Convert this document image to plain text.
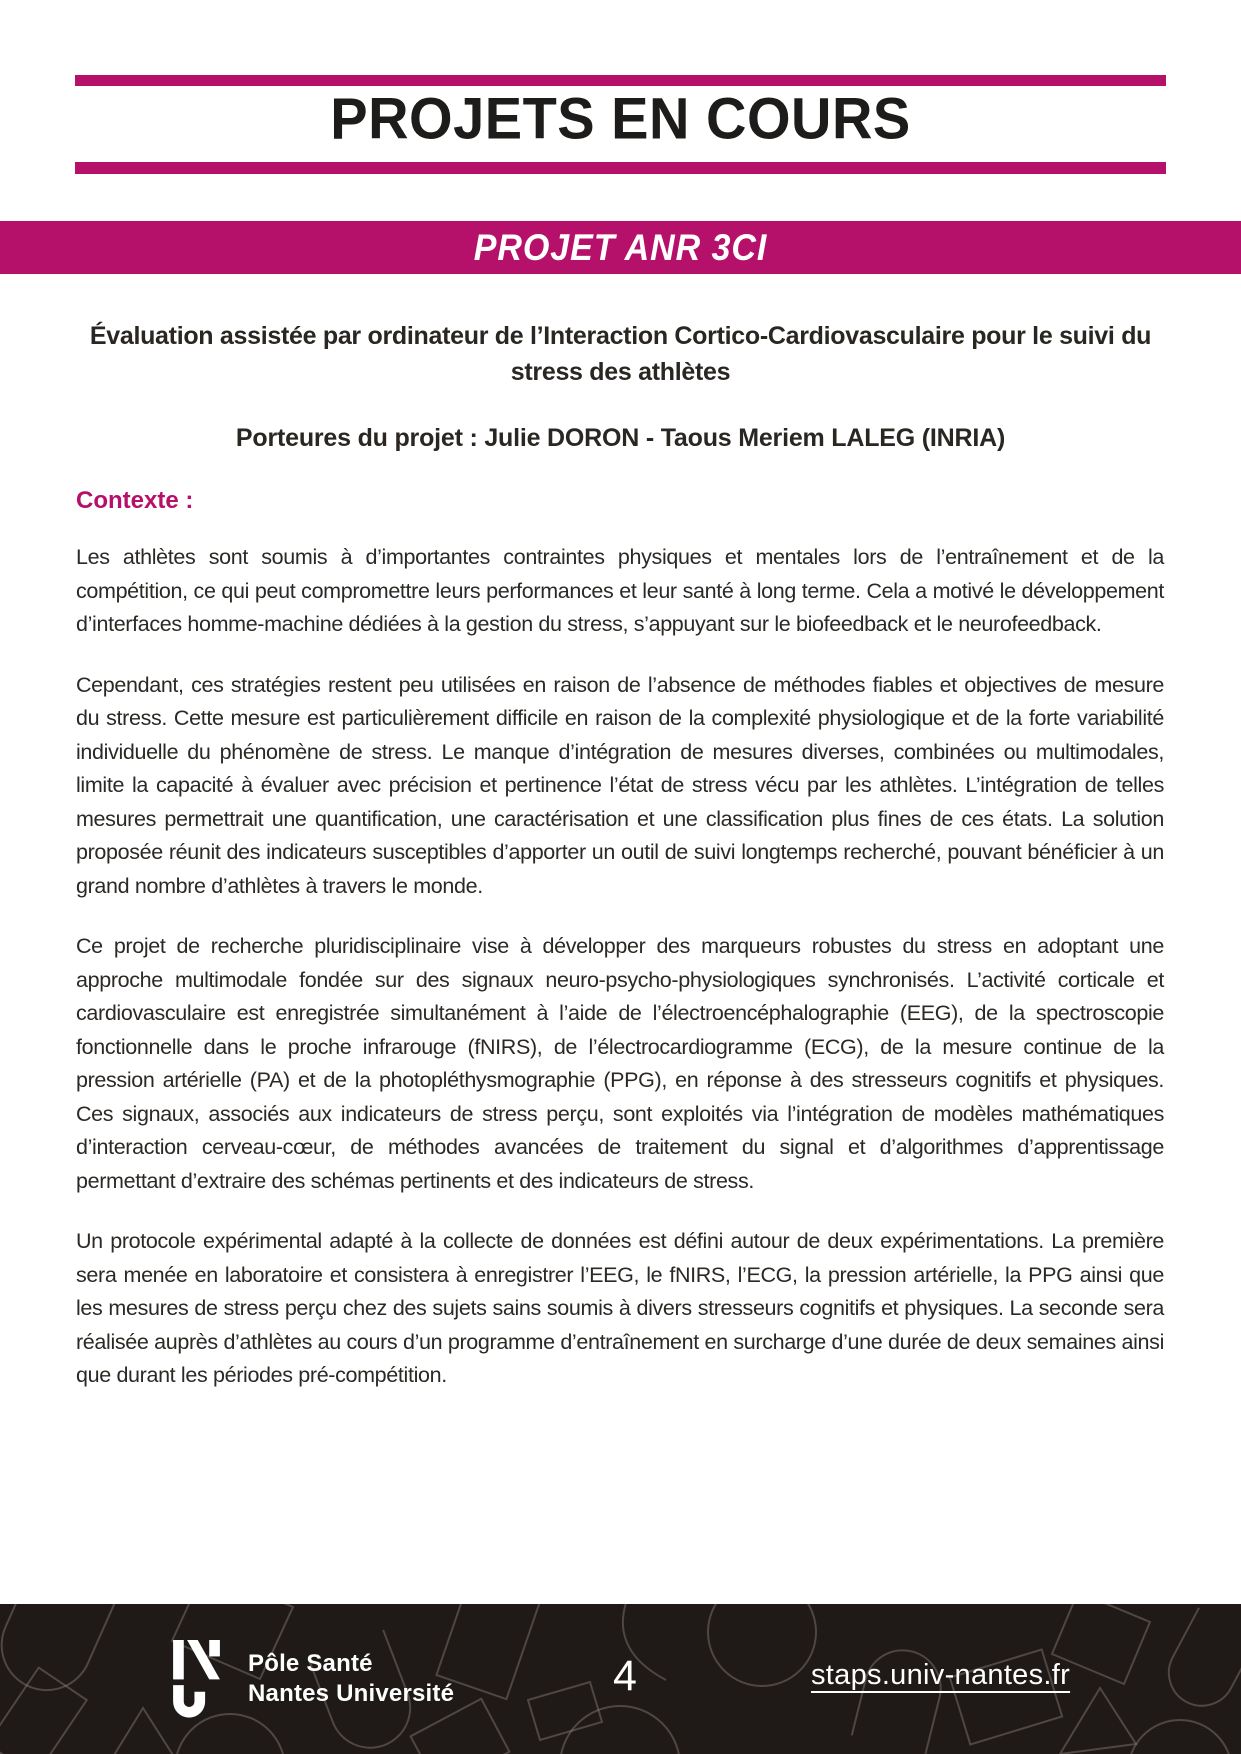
PROJETS EN COURS
PROJET ANR 3CI
Évaluation assistée par ordinateur de l’Interaction Cortico-Cardiovasculaire pour le suivi du stress des athlètes
Porteures du projet : Julie DORON - Taous Meriem LALEG (INRIA)
Contexte :

Les athlètes sont soumis à d’importantes contraintes physiques et mentales lors de l’entraînement et de la compétition, ce qui peut compromettre leurs performances et leur santé à long terme. Cela a motivé le développement d’interfaces homme-machine dédiées à la gestion du stress, s’appuyant sur le biofeedback et le neurofeedback.

Cependant, ces stratégies restent peu utilisées en raison de l’absence de méthodes fiables et objectives de mesure du stress. Cette mesure est particulièrement difficile en raison de la complexité physiologique et de la forte variabilité individuelle du phénomène de stress. Le manque d’intégration de mesures diverses, combinées ou multimodales, limite la capacité à évaluer avec précision et pertinence l’état de stress vécu par les athlètes. L’intégration de telles mesures permettrait une quantification, une caractérisation et une classification plus fines de ces états. La solution proposée réunit des indicateurs susceptibles d’apporter un outil de suivi longtemps recherché, pouvant bénéficier à un grand nombre d’athlètes à travers le monde.

Ce projet de recherche pluridisciplinaire vise à développer des marqueurs robustes du stress en adoptant une approche multimodale fondée sur des signaux neuro-psycho-physiologiques synchronisés. L’activité corticale et cardiovasculaire est enregistrée simultanément à l’aide de l’électroencéphalographie (EEG), de la spectroscopie fonctionnelle dans le proche infrarouge (fNIRS), de l’électrocardiogramme (ECG), de la mesure continue de la pression artérielle (PA) et de la photopléthysmographie (PPG), en réponse à des stresseurs cognitifs et physiques. Ces signaux, associés aux indicateurs de stress perçu, sont exploités via l’intégration de modèles mathématiques d’interaction cerveau-cœur, de méthodes avancées de traitement du signal et d’algorithmes d’apprentissage permettant d’extraire des schémas pertinents et des indicateurs de stress.

Un protocole expérimental adapté à la collecte de données est défini autour de deux expérimentations. La première sera menée en laboratoire et consistera à enregistrer l’EEG, le fNIRS, l’ECG, la pression artérielle, la PPG ainsi que les mesures de stress perçu chez des sujets sains soumis à divers stresseurs cognitifs et physiques. La seconde sera réalisée auprès d’athlètes au cours d’un programme d’entraînement en surcharge d’une durée de deux semaines ainsi que durant les périodes pré-compétition.

Pôle Santé
Nantes Université	4	staps.univ-nantes.fr
